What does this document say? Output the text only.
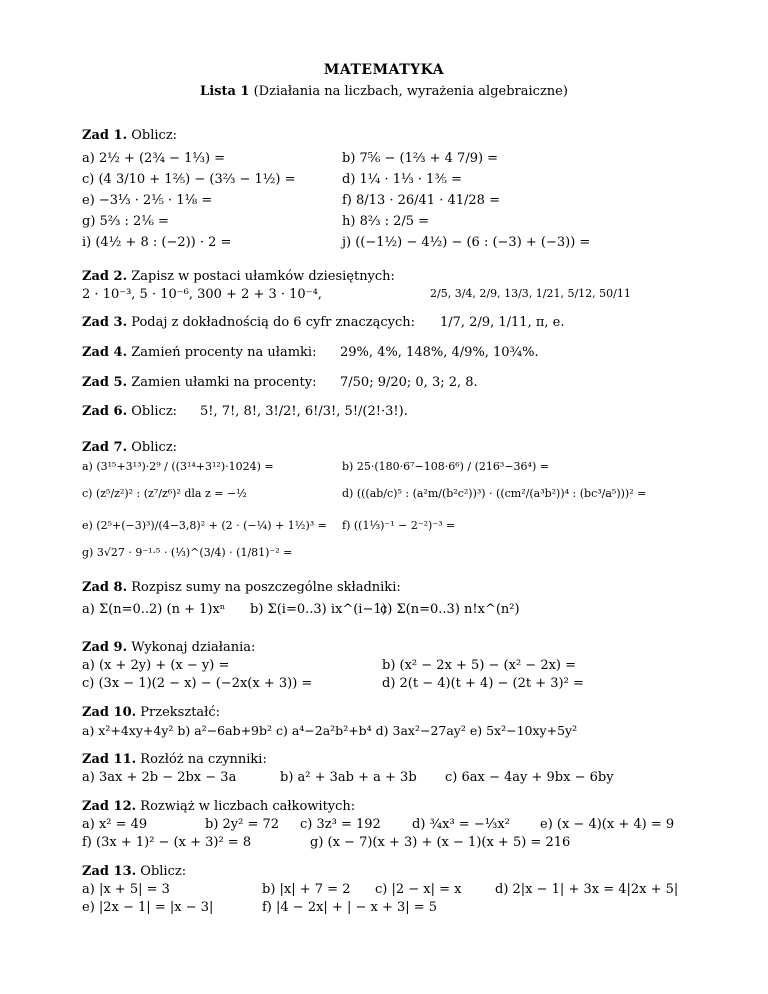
MATEMATYKA
Lista 1 (Działania na liczbach, wyrażenia algebraiczne)
Zad 1. Oblicz:
a) 2½ + (2¾ − 1⅓) =	b) 7⅚ − (1⅔ + 4 7/9) =
c) (4 3/10 + 1⅖) − (3⅔ − 1½) =	d) 1¼ · 1⅓ · 1⅗ =
e) −3⅓ · 2⅕ · 1⅛ =	f) 8/13 · 26/41 · 41/28 =
g) 5⅔ : 2⅙ =	h) 8⅔ : 2/5 =
i) (4½ + 8 : (−2)) · 2 =	j) ((−1½) − 4½) − (6 : (−3) + (−3)) =
Zad 2. Zapisz w postaci ułamków dziesiętnych:
2 · 10⁻³, 5 · 10⁻⁶, 300 + 2 + 3 · 10⁻⁴,	2/5, 3/4, 2/9, 13/3, 1/21, 5/12, 50/11
Zad 3. Podaj z dokładnością do 6 cyfr znaczących: 1/7, 2/9, 1/11, π, e.
Zad 4. Zamień procenty na ułamki: 29%, 4%, 148%, 4/9%, 10¾%.
Zad 5. Zamien ułamki na procenty: 7/50; 9/20; 0, 3; 2, 8.
Zad 6. Oblicz: 5!, 7!, 8!, 3!/2!, 6!/3!, 5!/(2!·3!).
Zad 7. Oblicz:
a) (3¹⁵+3¹³)·2⁹ / ((3¹⁴+3¹²)·1024) =	b) 25·(180·6⁷−108·6⁶) / (216³−36⁴) =
c) (z⁵/z²)² : (z⁷/z⁶)² dla z = −½	d) (((ab/c)⁵ : (a²m/(b²c²))³) · ((cm²/(a³b²))⁴ : (bc³/a⁵)))² =
e) (2⁵+(−3)³)/(4−3,8)² + (2 · (−¼) + 1½)³ = f) ((1⅓)⁻¹ − 2⁻²)⁻³ =
g) 3√27 · 9⁻¹·⁵ · (⅓)^(3/4) · (1/81)⁻² =
Zad 8. Rozpisz sumy na poszczególne składniki:
a) Σ(n=0..2) (n + 1)xⁿ b) Σ(i=0..3) ix^(i−1)
c) Σ(n=0..3) n!x^(n²)
Zad 9. Wykonaj działania:
a) (x + 2y) + (x − y) =	b) (x² − 2x + 5) − (x² − 2x) =
c) (3x − 1)(2 − x) − (−2x(x + 3)) =	d) 2(t − 4)(t + 4) − (2t + 3)² =
Zad 10. Przekształć:
a) x²+4xy+4y² b) a²−6ab+9b² c) a⁴−2a²b²+b⁴ d) 3ax²−27ay² e) 5x²−10xy+5y²
Zad 11. Rozłóż na czynniki:
a) 3ax + 2b − 2bx − 3a	b) a² + 3ab + a + 3b c) 6ax − 4ay + 9bx − 6by
Zad 12. Rozwiąż w liczbach całkowitych:
a) x² = 49	b) 2y² = 72 c) 3z³ = 192 d) ¾x³ = −⅓x² e) (x − 4)(x + 4) = 9
f) (3x + 1)² − (x + 3)² = 8	g) (x − 7)(x + 3) + (x − 1)(x + 5) = 216
Zad 13. Oblicz:
a) |x + 5| = 3	b) |x| + 7 = 2 c) |2 − x| = x	d) 2|x − 1| + 3x = 4|2x + 5|
e) |2x − 1| = |x − 3|	f) |4 − 2x| + | − x + 3| = 5
